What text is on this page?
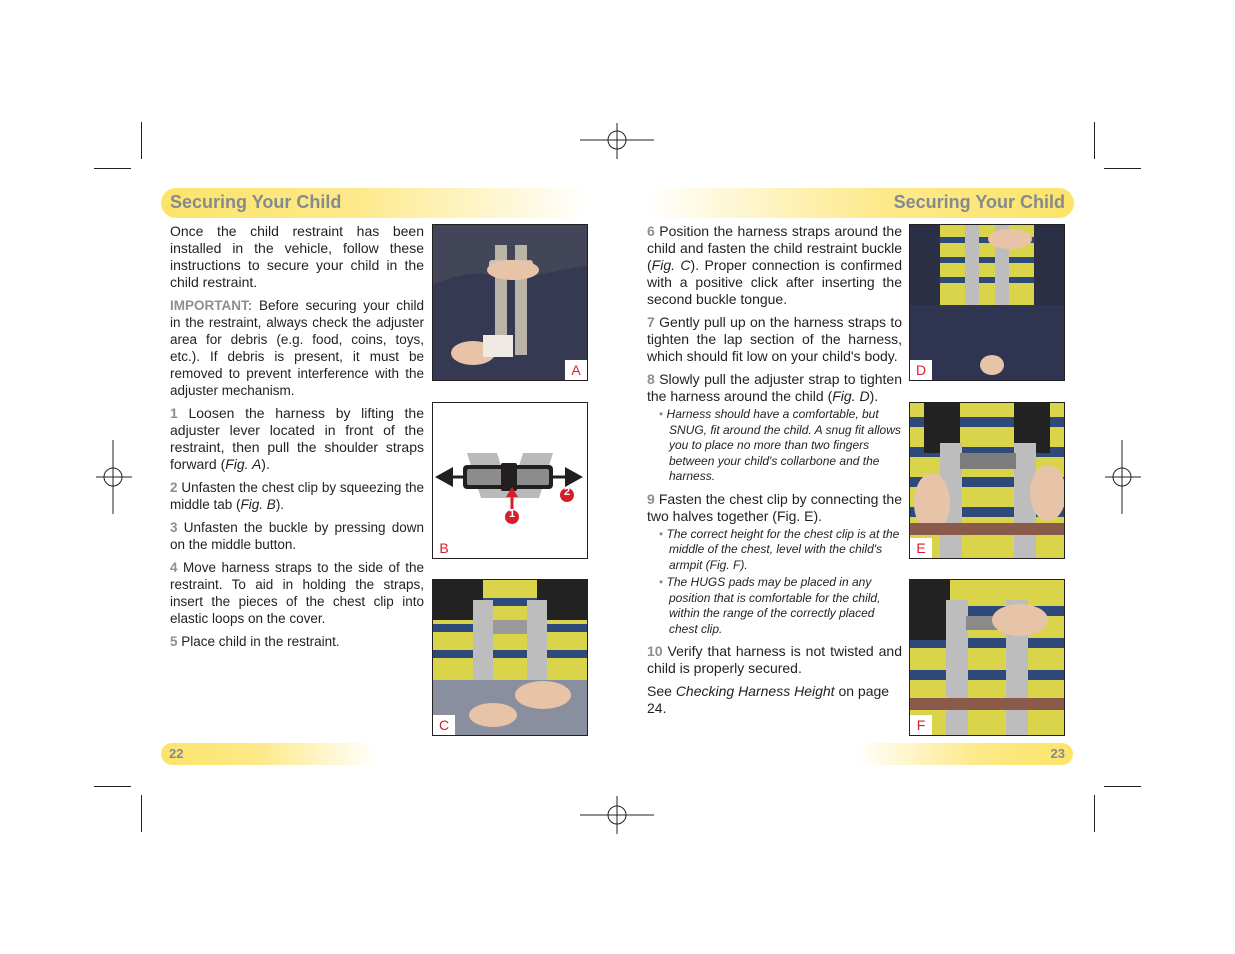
Securing Your Child

Once the child restraint has been installed in the vehicle, follow these instructions to secure your child in the child restraint.

IMPORTANT: Before securing your child in the restraint, always check the adjuster area for debris (e.g. food, coins, toys, etc.). If debris is present, it must be removed to prevent interference with the adjuster mechanism.

1 Loosen the harness by lifting the adjuster lever located in front of the restraint, then pull the shoulder straps forward (Fig. A).

2 Unfasten the chest clip by squeezing the middle tab (Fig. B).

3 Unfasten the buckle by pressing down on the middle button.

4 Move harness straps to the side of the restraint. To aid in holding the straps, insert the pieces of the chest clip into elastic loops on the cover.

5 Place child in the restraint.

A
1
2
B
C
22
Securing Your Child

6 Position the harness straps around the child and fasten the child restraint buckle (Fig. C). Proper connection is confirmed with a positive click after inserting the second buckle tongue.

7 Gently pull up on the harness straps to tighten the lap section of the harness, which should fit low on your child's body.

8 Slowly pull the adjuster strap to tighten the harness around the child (Fig. D).

• Harness should have a comfortable, but SNUG, fit around the child. A snug fit allows you to place no more than two fingers between your child's collarbone and the harness.

9 Fasten the chest clip by connecting the two halves together (Fig. E).

• The correct height for the chest clip is at the middle of the chest, level with the child's armpit (Fig. F).

• The HUGS pads may be placed in any position that is comfortable for the child, within the range of the correctly placed chest clip.

10 Verify that harness is not twisted and child is properly secured.

See Checking Harness Height on page 24.

D
E
F
23
